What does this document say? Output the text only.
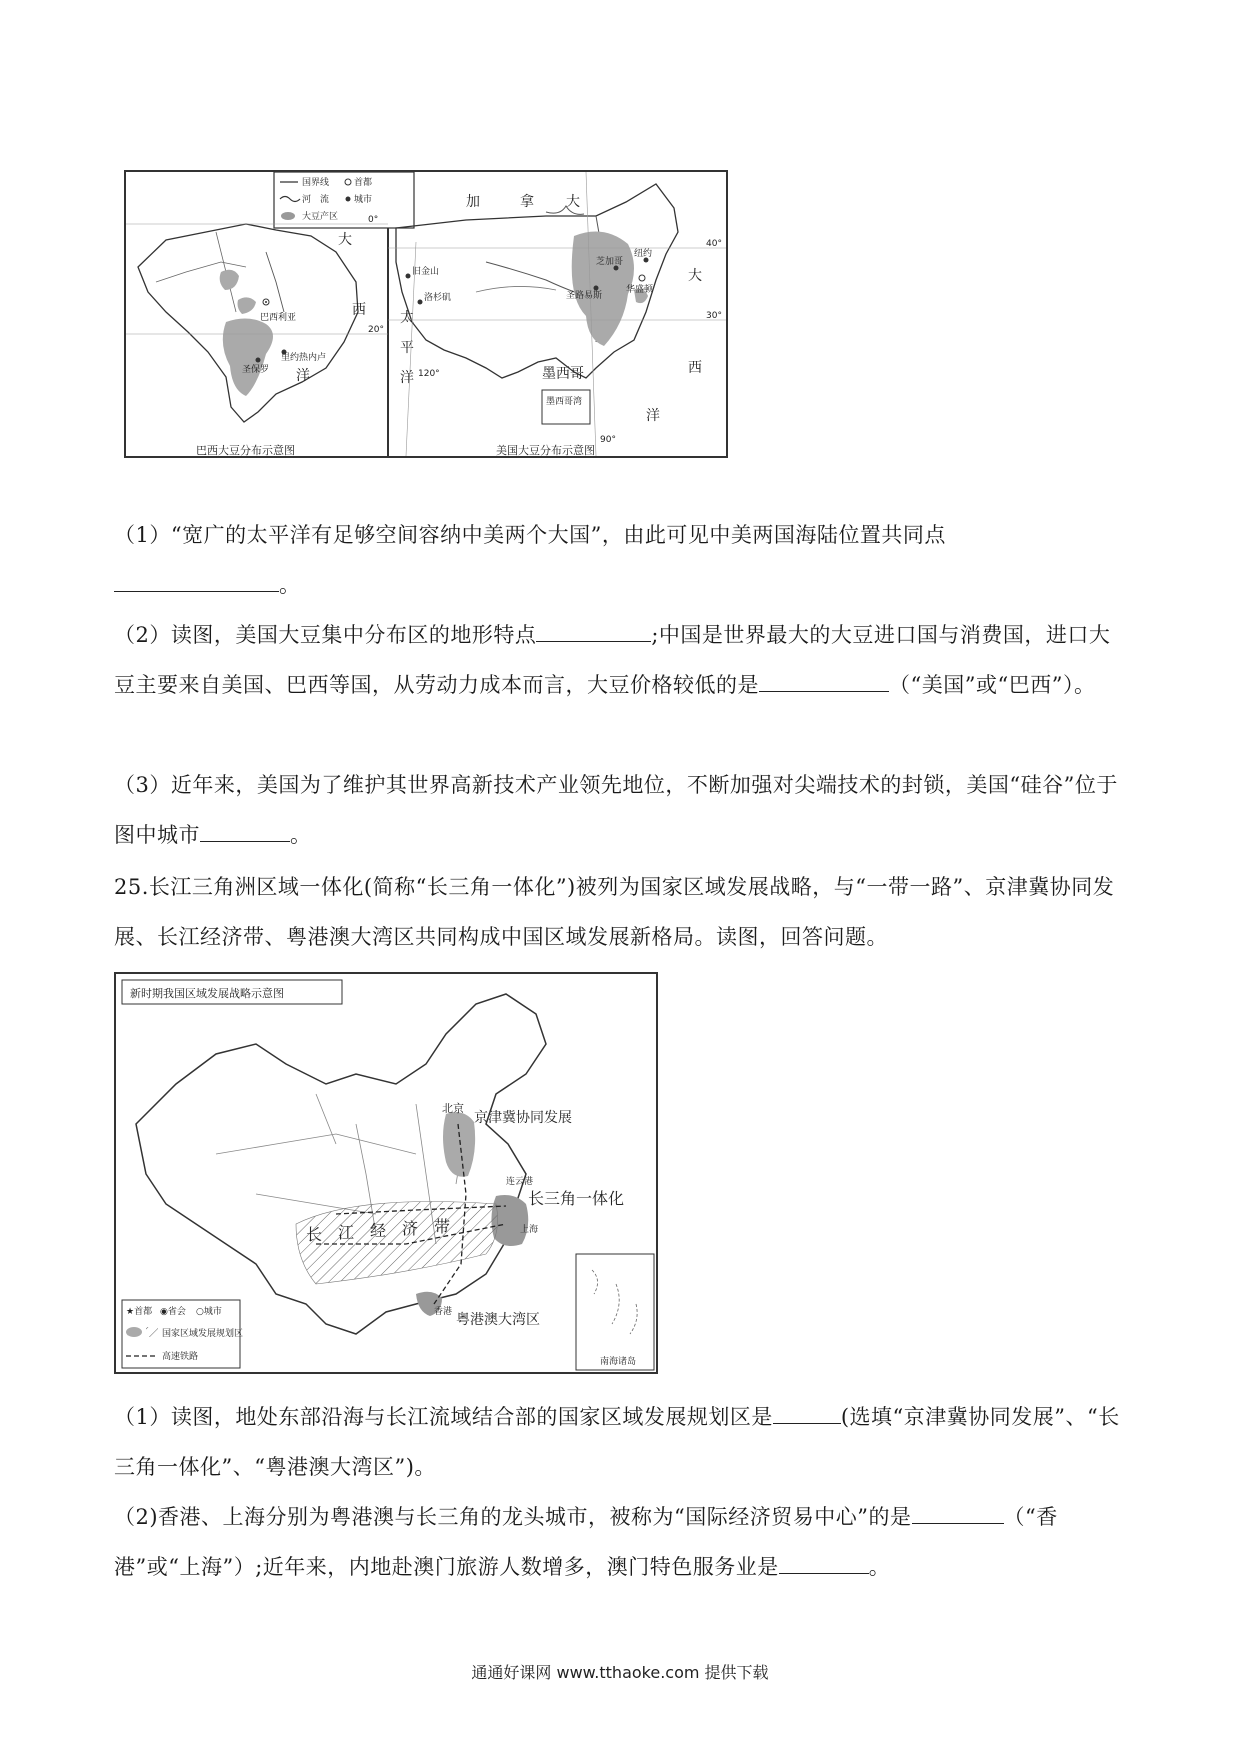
国界线	首都
河　流	城市
大豆产区
巴西利亚
圣保罗
里约热内卢
大
西
洋
0°
20°
巴西大豆分布示意图
芝加哥
纽约
华盛顿
圣路易斯
旧金山
洛杉矶
加	拿 大
墨西哥
大
西
洋
太
平
洋
墨西哥湾
120°
40°
30°
90°
美国大豆分布示意图
（1）“宽广的太平洋有足够空间容纳中美两个大国”，由此可见中美两国海陆位置共同点
。
（2）读图，美国大豆集中分布区的地形特点	;中国是世界最大的大豆进口国与消费国，进口大豆主要来自美国、巴西等国，从劳动力成本而言，大豆价格较低的是	（“美国”或“巴西”）。
（3）近年来，美国为了维护其世界高新技术产业领先地位，不断加强对尖端技术的封锁，美国“硅谷”位于图中城市	。
25.长江三角洲区域一体化(简称“长三角一体化”)被列为国家区域发展战略，与“一带一路”、京津冀协同发展、长江经济带、粤港澳大湾区共同构成中国区域发展新格局。读图，回答问题。
新时期我国区域发展战略示意图
北京
京津冀协同发展
长三角一体化
粤港澳大湾区
连云港
上海
长 江 经 济 带
香港
南海诸岛
★首都 ◉省会 ○城市
国家区域发展规划区
高速铁路
（1）读图，地处东部沿海与长江流域结合部的国家区域发展规划区是	(选填“京津冀协同发展”、“长三角一体化”、“粤港澳大湾区”)。
（2)香港、上海分别为粤港澳与长三角的龙头城市，被称为“国际经济贸易中心”的是	（“香港”或“上海”）;近年来，内地赴澳门旅游人数增多，澳门特色服务业是	。
通通好课网 www.tthaoke.com 提供下载
